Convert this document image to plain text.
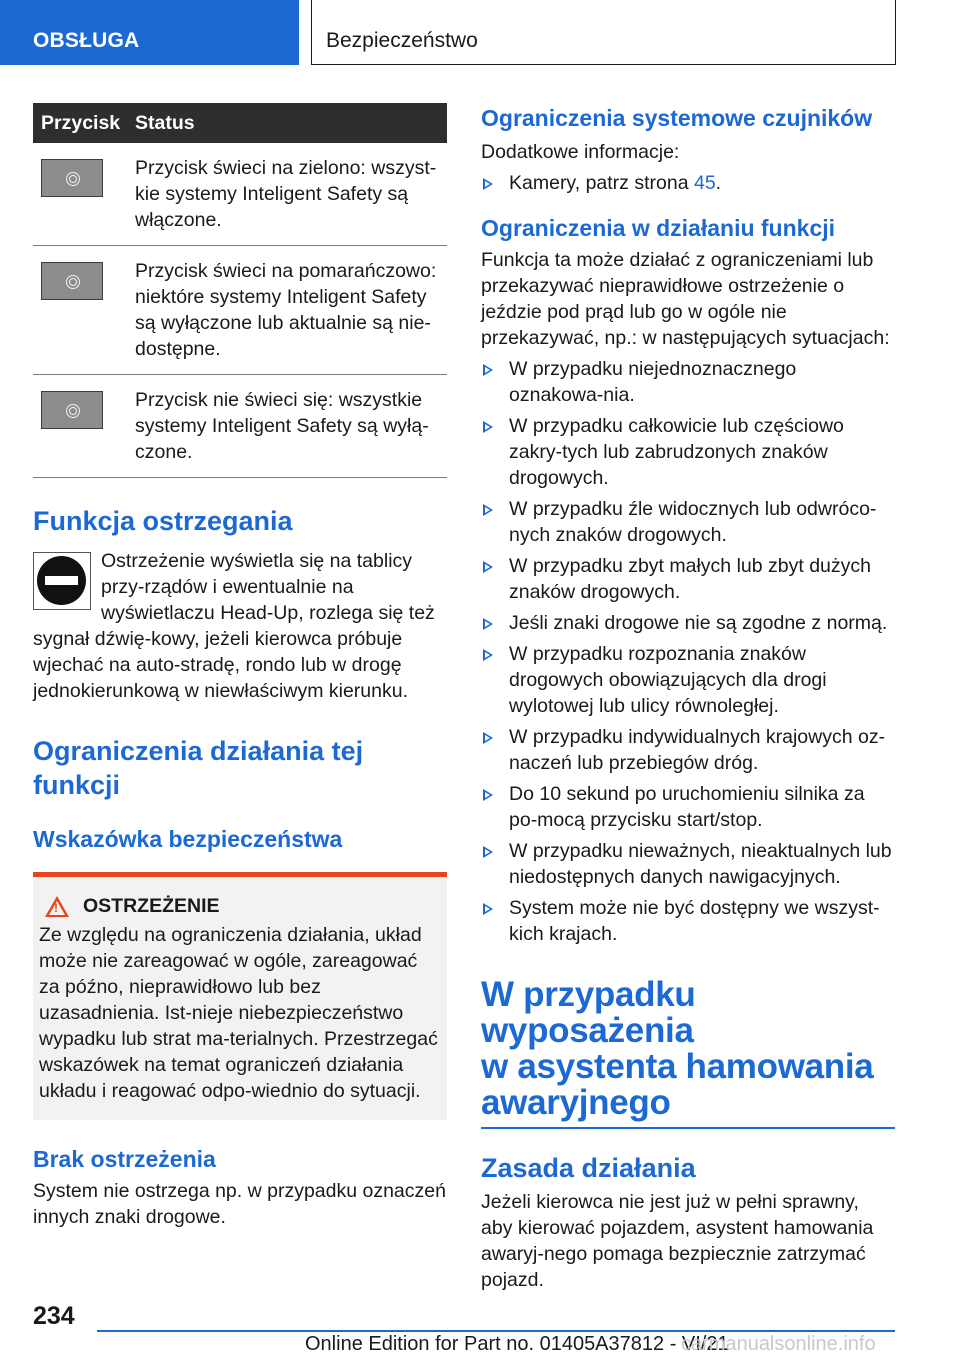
OBSŁUGA	Bezpieczeństwo
Przycisk	Status

	Przycisk świeci na zielono: wszyst-kie systemy Inteligent Safety są włączone.

	Przycisk świeci na pomarańczowo: niektóre systemy Inteligent Safety są wyłączone lub aktualnie są nie-dostępne.

	Przycisk nie świeci się: wszystkie systemy Inteligent Safety są wyłą-czone.
Funkcja ostrzegania

Ostrzeżenie wyświetla się na tablicy przy-rządów i ewentualnie na wyświetlaczu Head-Up, rozlega się też sygnał dźwię-kowy, jeżeli kierowca próbuje wjechać na auto-stradę, rondo lub w drogę jednokierunkową w niewłaściwym kierunku.

Ograniczenia działania tej funkcji
Wskazówka bezpieczeństwa
!
OSTRZEŻENIE

Ze względu na ograniczenia działania, układ może nie zareagować w ogóle, zareagować za późno, nieprawidłowo lub bez uzasadnienia. Ist-nieje niebezpieczeństwo wypadku lub strat ma-terialnych. Przestrzegać wskazówek na temat ograniczeń działania układu i reagować odpo-wiednio do sytuacji.

Brak ostrzeżenia

System nie ostrzega np. w przypadku oznaczeń innych znaki drogowe.

Ograniczenia systemowe czujników

Dodatkowe informacje:

Kamery, patrz strona 45.
Ograniczenia w działaniu funkcji

Funkcja ta może działać z ograniczeniami lub przekazywać nieprawidłowe ostrzeżenie o jeździe pod prąd lub go w ogóle nie przekazywać, np.: w następujących sytuacjach:

W przypadku niejednoznacznego oznakowa-nia.
W przypadku całkowicie lub częściowo zakry-tych lub zabrudzonych znaków drogowych.
W przypadku źle widocznych lub odwróco-nych znaków drogowych.
W przypadku zbyt małych lub zbyt dużych znaków drogowych.
Jeśli znaki drogowe nie są zgodne z normą.
W przypadku rozpoznania znaków drogowych obowiązujących dla drogi wylotowej lub ulicy równoległej.
W przypadku indywidualnych krajowych oz-naczeń lub przebiegów dróg.
Do 10 sekund po uruchomieniu silnika za po-mocą przycisku start/stop.
W przypadku nieważnych, nieaktualnych lub niedostępnych danych nawigacyjnych.
System może nie być dostępny we wszyst-kich krajach.
W przypadku wyposażenia
w asystenta hamowania
awaryjnego
Zasada działania

Jeżeli kierowca nie jest już w pełni sprawny, aby kierować pojazdem, asystent hamowania awaryj-nego pomaga bezpiecznie zatrzymać pojazd.

234
Online Edition for Part no. 01405A37812 - VI/21
carmanualsonline.info
